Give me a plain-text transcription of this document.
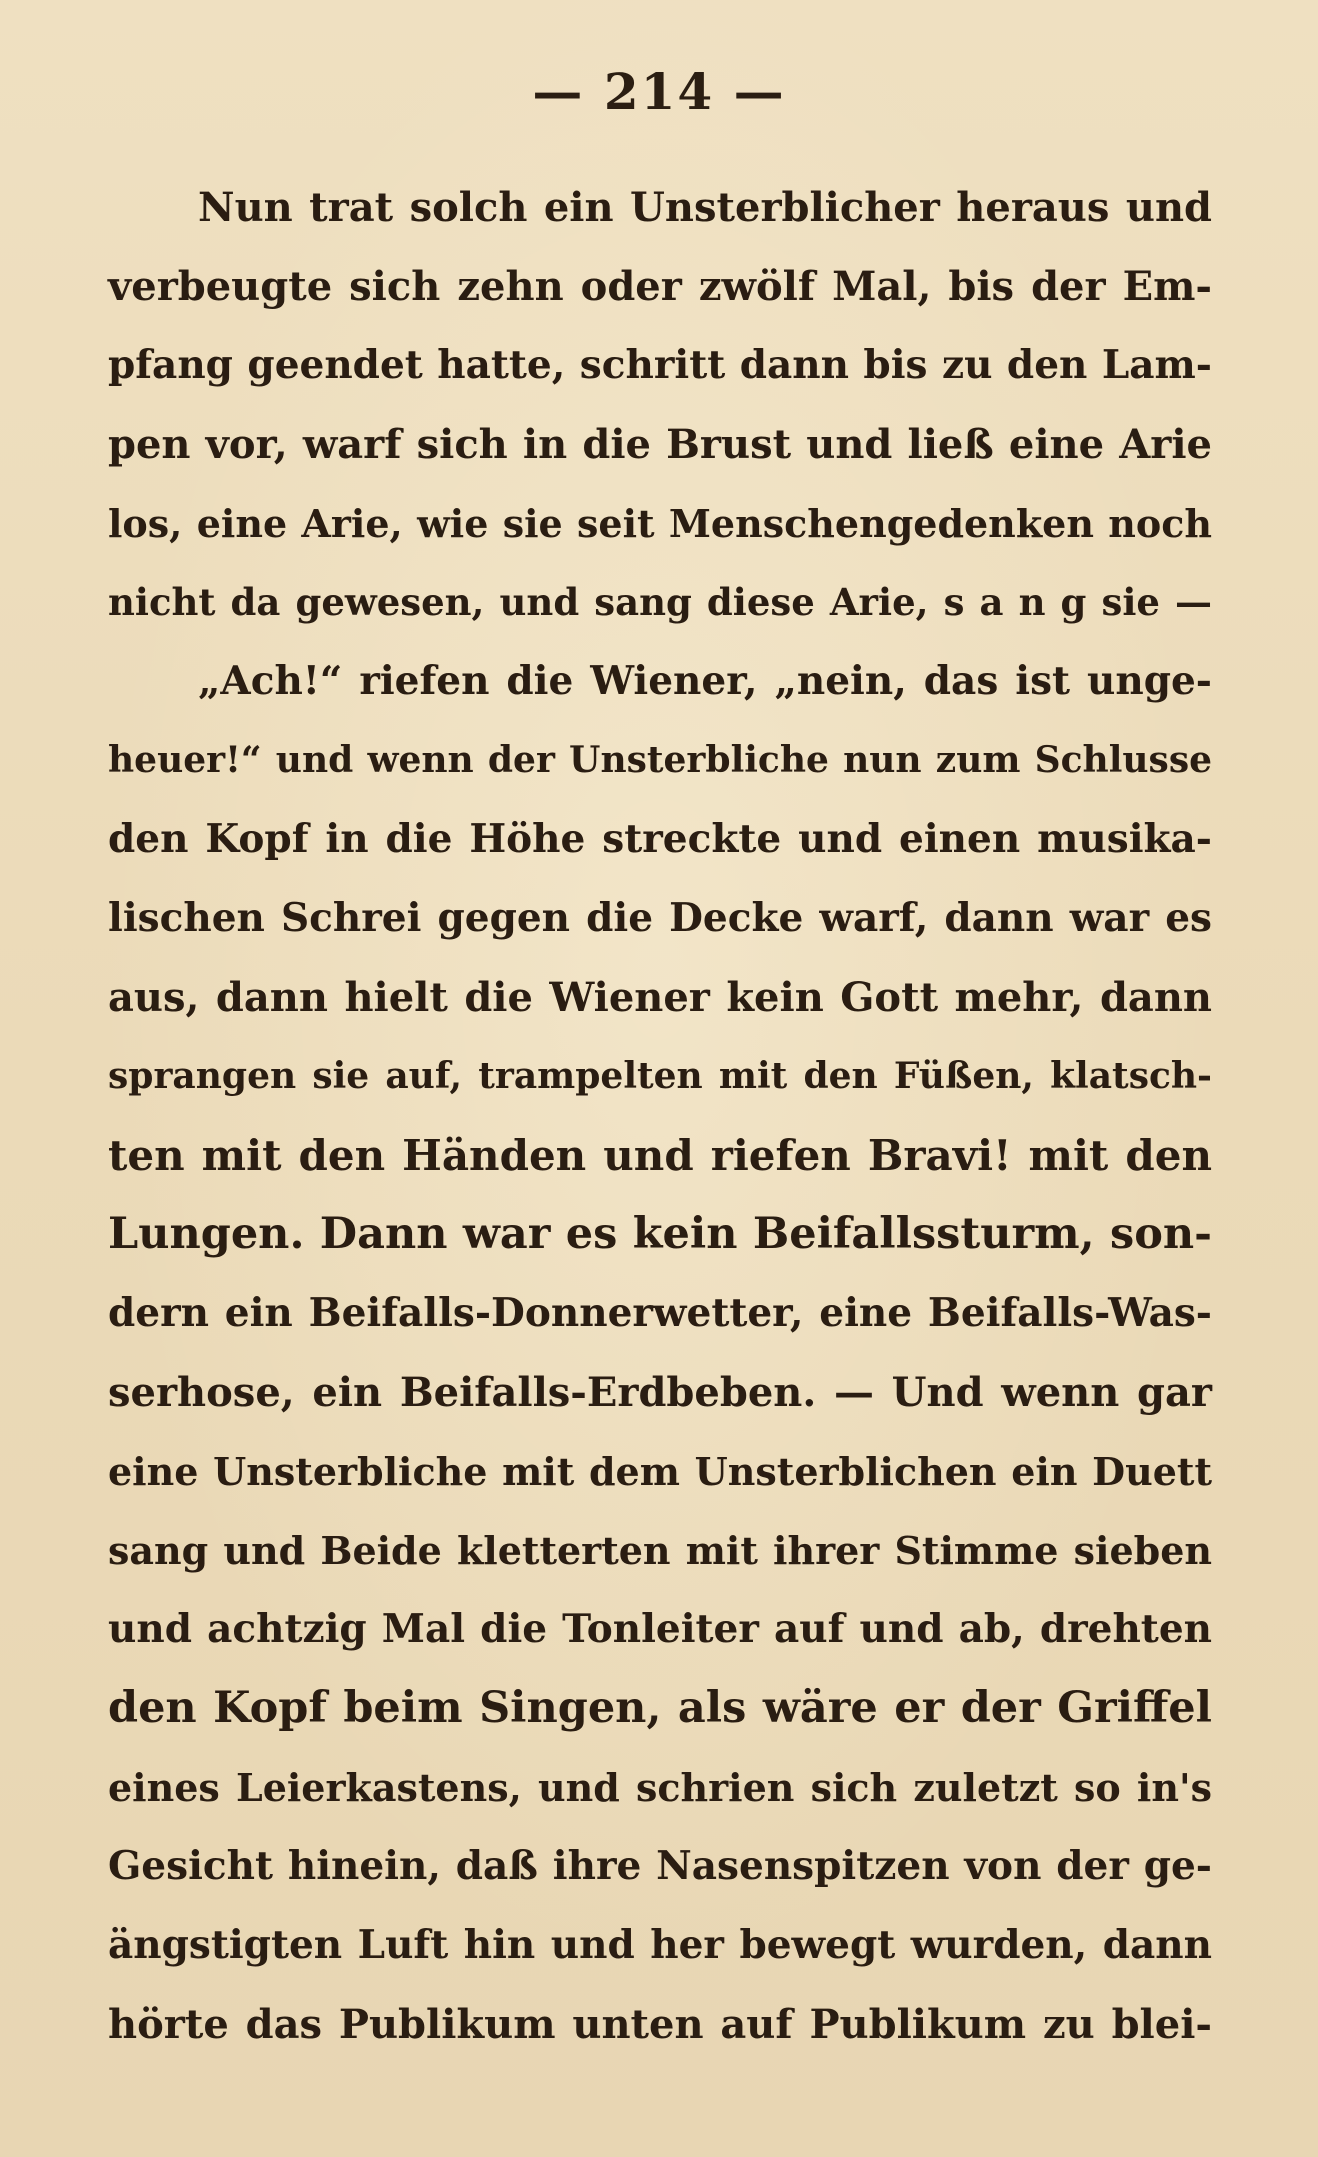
— 214 —
Nun trat solch ein Unsterblicher heraus und
verbeugte sich zehn oder zwölf Mal, bis der Em-
pfang geendet hatte, schritt dann bis zu den Lam-
pen vor, warf sich in die Brust und ließ eine Arie
los, eine Arie, wie sie seit Menschengedenken noch
nicht da gewesen, und sang diese Arie, s a n g sie —
„Ach!“ riefen die Wiener, „nein, das ist unge-
heuer!“ und wenn der Unsterbliche nun zum Schlusse
den Kopf in die Höhe streckte und einen musika-
lischen Schrei gegen die Decke warf, dann war es
aus, dann hielt die Wiener kein Gott mehr, dann
sprangen sie auf, trampelten mit den Füßen, klatsch-
ten mit den Händen und riefen Bravi! mit den
Lungen. Dann war es kein Beifallssturm, son-
dern ein Beifalls-Donnerwetter, eine Beifalls-Was-
serhose, ein Beifalls-Erdbeben. — Und wenn gar
eine Unsterbliche mit dem Unsterblichen ein Duett
sang und Beide kletterten mit ihrer Stimme sieben
und achtzig Mal die Tonleiter auf und ab, drehten
den Kopf beim Singen, als wäre er der Griffel
eines Leierkastens, und schrien sich zuletzt so in's
Gesicht hinein, daß ihre Nasenspitzen von der ge-
ängstigten Luft hin und her bewegt wurden, dann
hörte das Publikum unten auf Publikum zu blei-
